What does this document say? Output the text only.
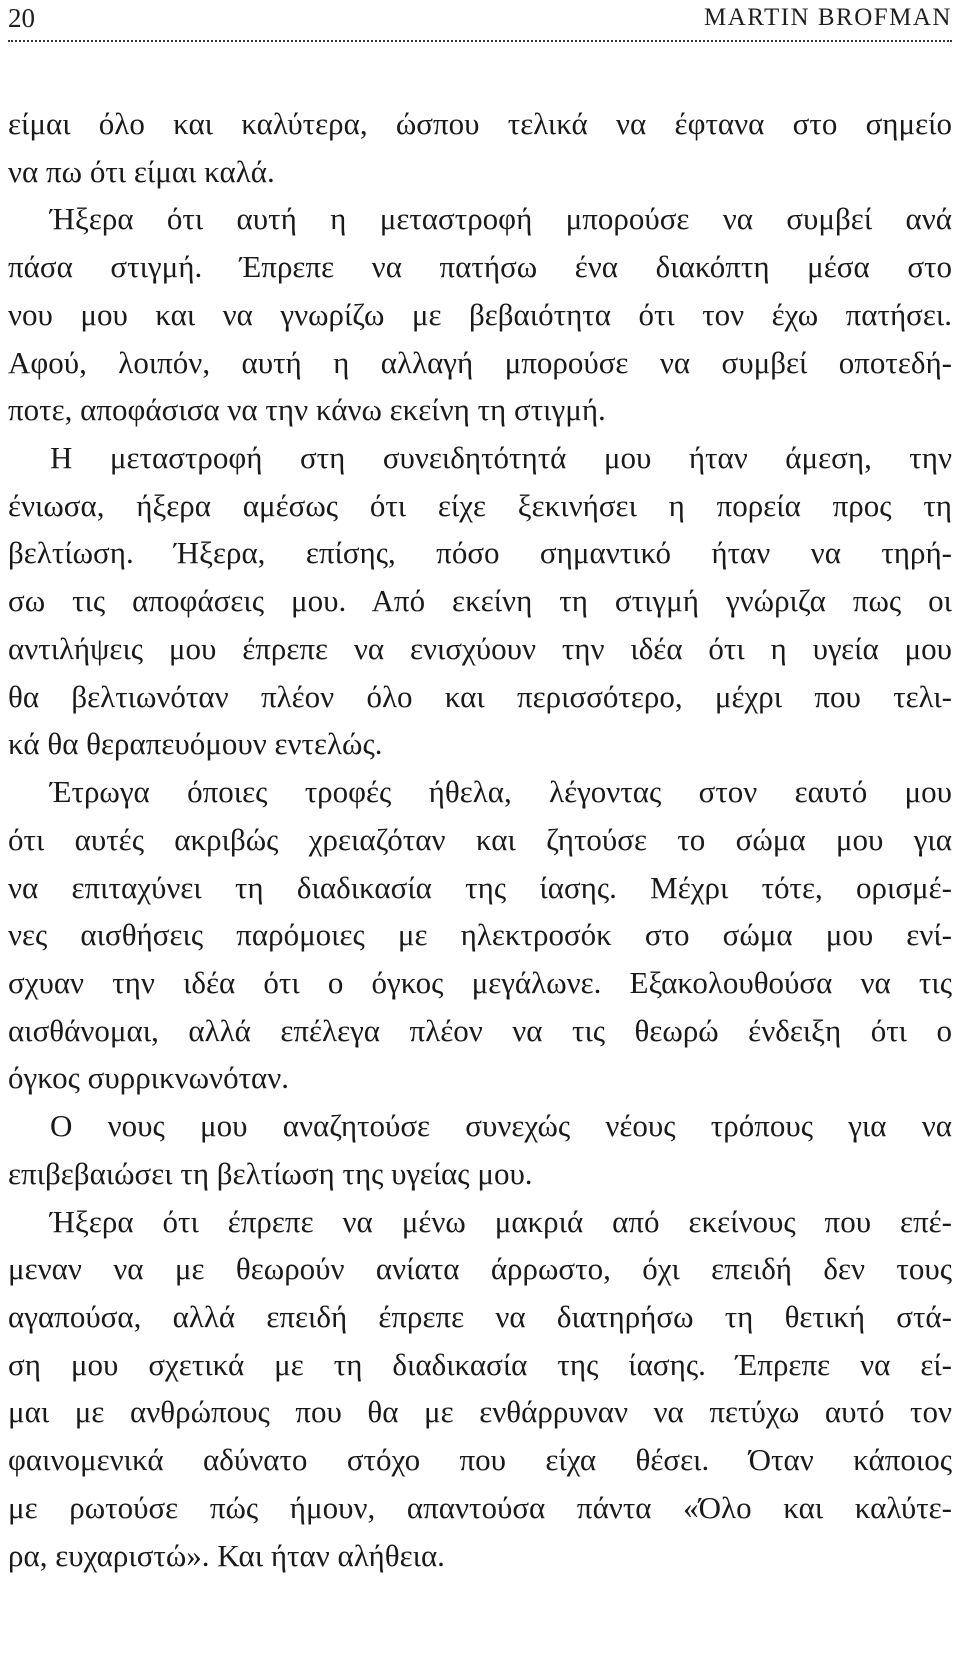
20	MARTIN BROFMAN
είμαι όλο και καλύτερα, ώσπου τελικά να έφτανα στο σημείο
να πω ότι είμαι καλά.
Ήξερα ότι αυτή η μεταστροφή μπορούσε να συμβεί ανά
πάσα στιγμή. Έπρεπε να πατήσω ένα διακόπτη μέσα στο
νου μου και να γνωρίζω με βεβαιότητα ότι τον έχω πατήσει.
Αφού, λοιπόν, αυτή η αλλαγή μπορούσε να συμβεί οποτεδή-
ποτε, αποφάσισα να την κάνω εκείνη τη στιγμή.
Η μεταστροφή στη συνειδητότητά μου ήταν άμεση, την
ένιωσα, ήξερα αμέσως ότι είχε ξεκινήσει η πορεία προς τη
βελτίωση. Ήξερα, επίσης, πόσο σημαντικό ήταν να τηρή-
σω τις αποφάσεις μου. Από εκείνη τη στιγμή γνώριζα πως οι
αντιλήψεις μου έπρεπε να ενισχύουν την ιδέα ότι η υγεία μου
θα βελτιωνόταν πλέον όλο και περισσότερο, μέχρι που τελι-
κά θα θεραπευόμουν εντελώς.
Έτρωγα όποιες τροφές ήθελα, λέγοντας στον εαυτό μου
ότι αυτές ακριβώς χρειαζόταν και ζητούσε το σώμα μου για
να επιταχύνει τη διαδικασία της ίασης. Μέχρι τότε, ορισμέ-
νες αισθήσεις παρόμοιες με ηλεκτροσόκ στο σώμα μου ενί-
σχυαν την ιδέα ότι ο όγκος μεγάλωνε. Εξακολουθούσα να τις
αισθάνομαι, αλλά επέλεγα πλέον να τις θεωρώ ένδειξη ότι ο
όγκος συρρικνωνόταν.
Ο νους μου αναζητούσε συνεχώς νέους τρόπους για να
επιβεβαιώσει τη βελτίωση της υγείας μου.
Ήξερα ότι έπρεπε να μένω μακριά από εκείνους που επέ-
μεναν να με θεωρούν ανίατα άρρωστο, όχι επειδή δεν τους
αγαπούσα, αλλά επειδή έπρεπε να διατηρήσω τη θετική στά-
ση μου σχετικά με τη διαδικασία της ίασης. Έπρεπε να εί-
μαι με ανθρώπους που θα με ενθάρρυναν να πετύχω αυτό τον
φαινομενικά αδύνατο στόχο που είχα θέσει. Όταν κάποιος
με ρωτούσε πώς ήμουν, απαντούσα πάντα «Όλο και καλύτε-
ρα, ευχαριστώ». Και ήταν αλήθεια.
